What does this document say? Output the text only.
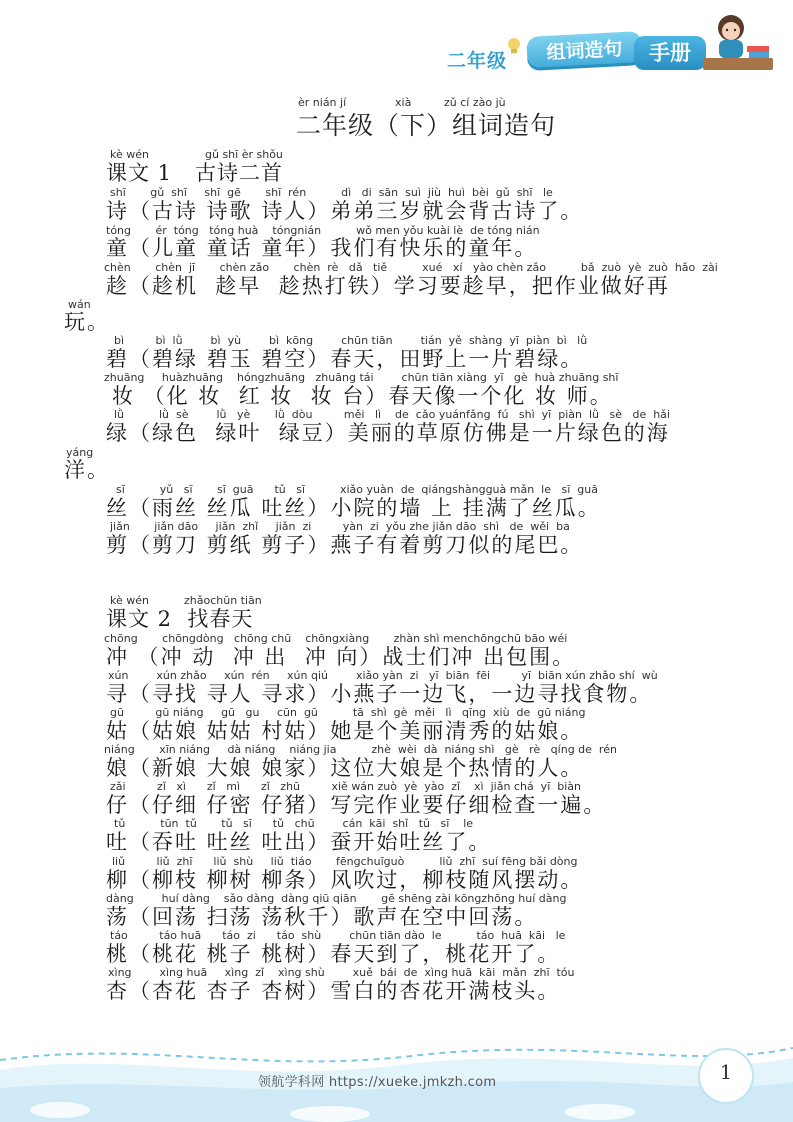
二年级	组词造句	手册
èr nián jí	xià	zǔ cí zào jù
二年级（下）组词造句
kè wén	gǔ shī èr shǒu
课文 1   古诗二首
shī       gǔ  shī     shī  gē       shī  rén          dì   di  sān  suì  jiù  huì  bèi  gǔ  shī   le
诗（古诗 诗歌 诗人）弟弟三岁就会背古诗了。
tóng       ér  tóng   tóng huà    tóngnián          wǒ men yǒu kuài lè  de tóng nián
童（儿童 童话 童年）我们有快乐的童年。
chèn       chèn  jī       chèn zǎo       chèn  rè   dǎ   tiě          xué   xí   yào chèn zǎo          bǎ  zuò  yè  zuò  hǎo  zài
趁（趁机  趁早  趁热打铁）学习要趁早，把作业做好再
wán
玩。
bì         bì  lǜ        bì  yù        bì  kōng        chūn tiān        tián  yě  shàng  yī  piàn  bì   lǜ
碧（碧绿 碧玉 碧空）春天，田野上一片碧绿。
zhuāng     huàzhuāng    hóngzhuāng   zhuāng tái        chūn tiān xiàng  yī   gè  huà zhuāng shī
妆 （化 妆  红 妆  妆 台）春天像一个化 妆 师。
lǜ          lǜ  sè        lǜ   yè       lǜ  dòu         měi   lì    de  cǎo yuánfǎng  fú   shì  yī  piàn  lǜ   sè   de  hǎi
绿（绿色  绿叶  绿豆）美丽的草原仿佛是一片绿色的海
yáng
洋。
sī          yǔ   sī       sī  guā      tǔ   sī          xiǎo yuàn  de  qiángshàngguà mǎn  le   sī  guā
丝（雨丝 丝瓜 吐丝）小院的墙 上 挂满了丝瓜。
jiǎn       jiǎn dāo     jiǎn  zhǐ     jiǎn  zi         yàn  zi  yǒu zhe jiǎn dāo  shì   de  wěi  ba
剪（剪刀 剪纸 剪子）燕子有着剪刀似的尾巴。
kè wén	zhǎochūn tiān
课文 2  找春天
chōng       chōngdòng   chōng chū    chōngxiàng       zhàn shì menchōngchū bāo wéi
冲 （冲 动  冲 出  冲 向）战士们冲 出包围。
xún        xún zhǎo     xún  rén     xún qiú        xiǎo yàn  zi   yī  biān  fēi         yī  biān xún zhǎo shí  wù
寻（寻找 寻人 寻求）小燕子一边飞，一边寻找食物。
gū         gū niáng     gū   gu     cūn  gū          tā  shì  gè  měi   lì   qīng  xiù  de  gū niáng
姑（姑娘 姑姑 村姑）她是个美丽清秀的姑娘。
niáng       xīn niáng     dà niáng    niáng jia          zhè  wèi  dà  niáng shì   gè   rè   qíng de  rén
娘（新娘 大娘 娘家）这位大娘是个热情的人。
zǎi         zǐ   xì      zǐ   mì      zǐ   zhū         xiě wán zuò  yè  yào  zǐ    xì  jiǎn chá  yī  biàn
仔（仔细 仔密 仔猪）写完作业要仔细检查一遍。
tǔ          tūn  tǔ       tǔ   sī      tǔ   chū        cán  kāi  shǐ   tǔ   sī    le
吐（吞吐 吐丝 吐出）蚕开始吐丝了。
liǔ         liǔ  zhī      liǔ  shù     liǔ  tiáo       fēngchuīguò          liǔ  zhī  suí fēng bǎi dòng
柳（柳枝 柳树 柳条）风吹过，柳枝随风摆动。
dàng        huí dàng    sǎo dàng  dàng qiū qiān       gē shēng zài kōngzhōng huí dàng
荡（回荡 扫荡 荡秋千）歌声在空中回荡。
táo         táo huā      táo  zi      táo  shù        chūn tiān dào  le          táo  huā  kāi   le
桃（桃花 桃子 桃树）春天到了，桃花开了。
xìng        xìng huā     xìng  zǐ    xìng shù        xuě  bái  de  xìng huā  kāi  mǎn  zhī  tóu
杏（杏花 杏子 杏树）雪白的杏花开满枝头。
领航学科网 https://xueke.jmkzh.com	1
